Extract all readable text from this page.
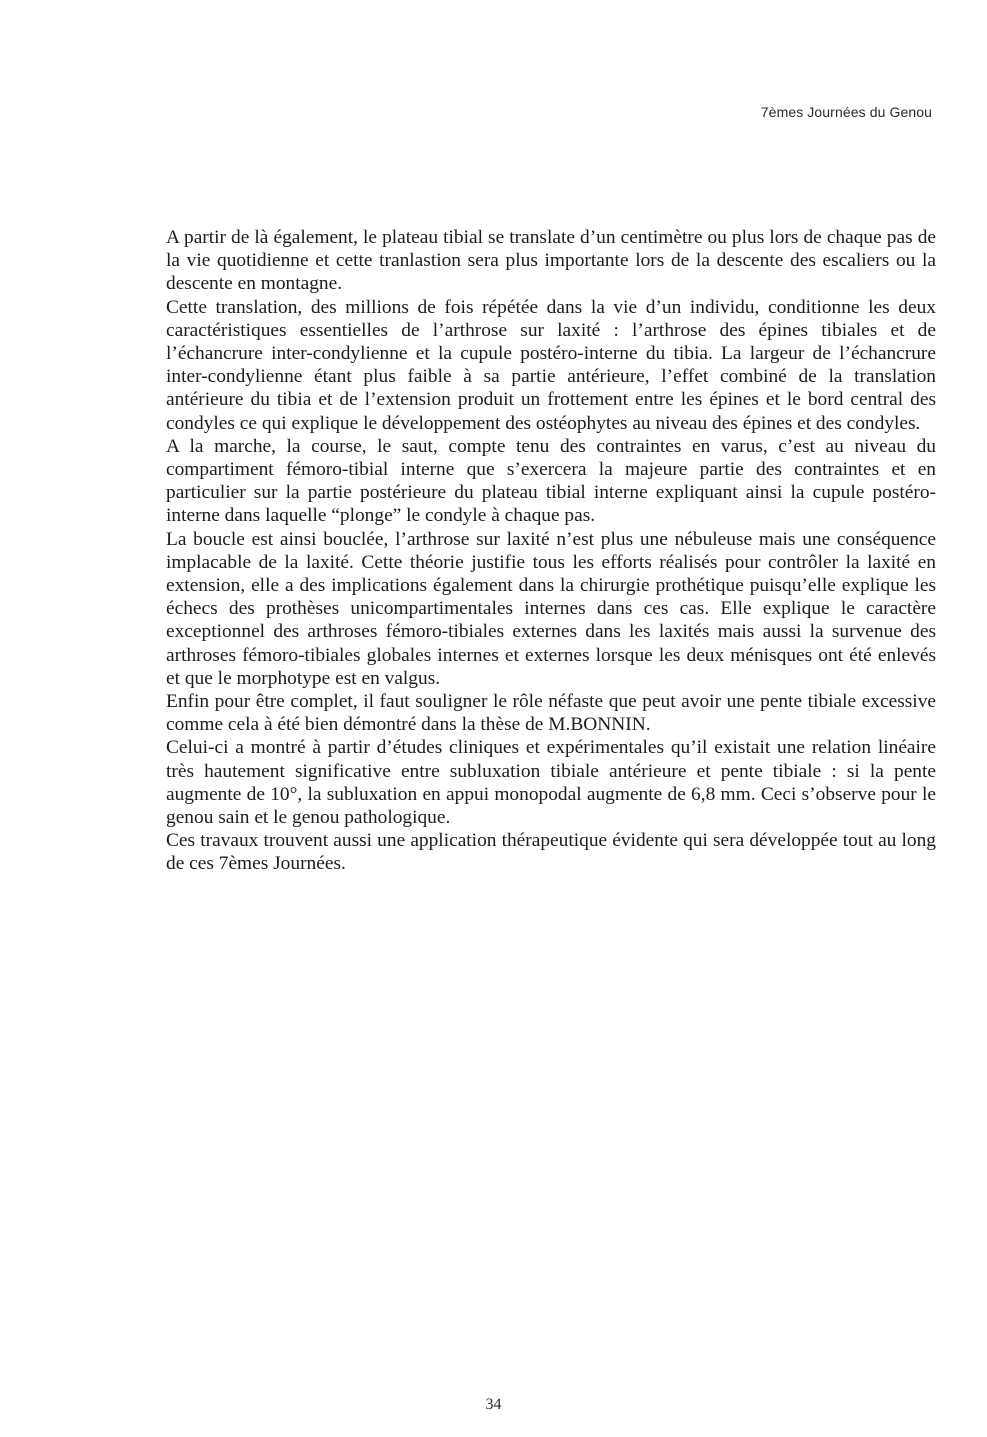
7èmes Journées du Genou

A partir de là également, le plateau tibial se translate d’un centimètre ou plus lors de chaque pas de la vie quotidienne et cette tranlastion sera plus importante lors de la descente des escaliers ou la descente en montagne.

Cette translation, des millions de fois répétée dans la vie d’un individu, conditionne les deux caractéristiques essentielles de l’arthrose sur laxité : l’arthrose des épines tibiales et de l’échancrure inter-condylienne et la cupule postéro-interne du tibia. La largeur de l’échancrure inter-condylienne étant plus faible à sa partie antérieure, l’effet combiné de la translation antérieure du tibia et de l’extension produit un frottement entre les épines et le bord central des condyles ce qui explique le développement des ostéophytes au niveau des épines et des condyles.

A la marche, la course, le saut, compte tenu des contraintes en varus, c’est au niveau du compartiment fémoro-tibial interne que s’exercera la majeure partie des contraintes et en particulier sur la partie postérieure du plateau tibial interne expliquant ainsi la cupule postéro-interne dans laquelle “plonge” le condyle à chaque pas.

La boucle est ainsi bouclée, l’arthrose sur laxité n’est plus une nébuleuse mais une conséquence implacable de la laxité. Cette théorie justifie tous les efforts réalisés pour contrôler la laxité en extension, elle a des implications également dans la chirurgie prothétique puisqu’elle explique les échecs des prothèses unicompartimentales internes dans ces cas. Elle explique le caractère exceptionnel des arthroses fémoro-tibiales externes dans les laxités mais aussi la survenue des arthroses fémoro-tibiales globales internes et externes lorsque les deux ménisques ont été enlevés et que le morphotype est en valgus.

Enfin pour être complet, il faut souligner le rôle néfaste que peut avoir une pente tibiale excessive comme cela à été bien démontré dans la thèse de M.BONNIN.

Celui-ci a montré à partir d’études cliniques et expérimentales qu’il existait une relation linéaire très hautement significative entre subluxation tibiale antérieure et pente tibiale : si la pente augmente de 10°, la subluxation en appui monopodal augmente de 6,8 mm. Ceci s’observe pour le genou sain et le genou pathologique.

Ces travaux trouvent aussi une application thérapeutique évidente qui sera développée tout au long de ces 7èmes Journées.

34
